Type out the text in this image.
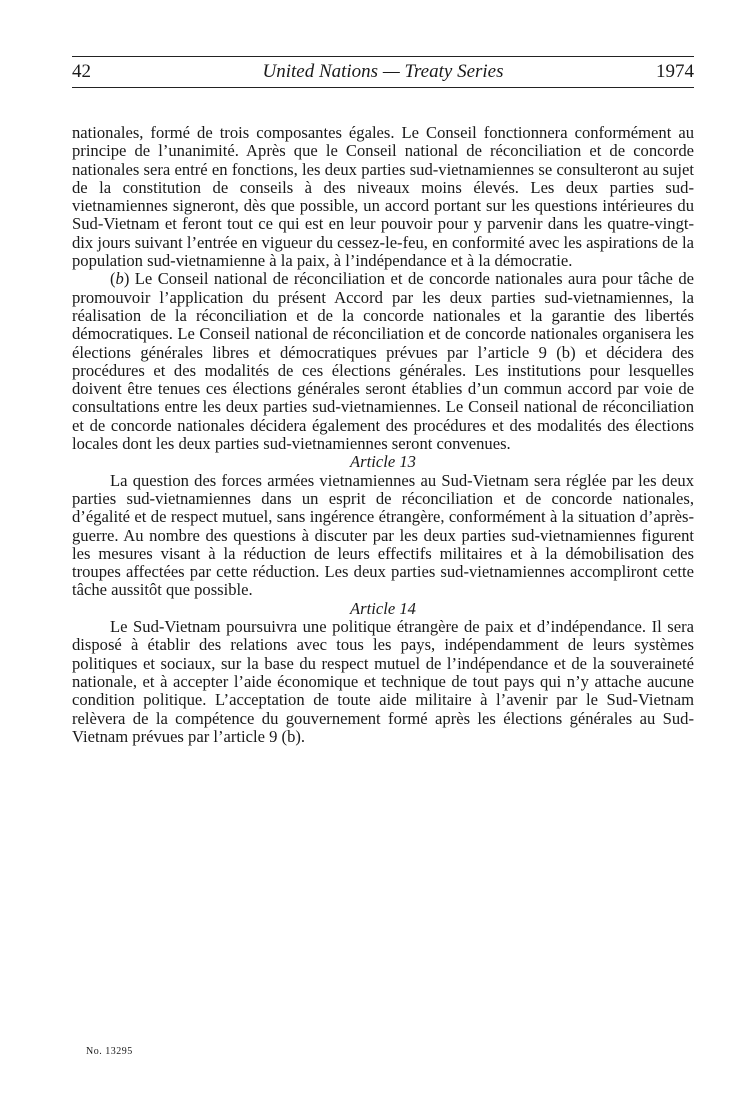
42	United Nations — Treaty Series	1974

nationales, formé de trois composantes égales. Le Conseil fonctionnera conformément au principe de l’unanimité. Après que le Conseil national de réconciliation et de concorde nationales sera entré en fonctions, les deux parties sud-vietnamiennes se consulteront au sujet de la constitution de conseils à des niveaux moins élevés. Les deux parties sud-vietnamiennes signeront, dès que possible, un accord portant sur les questions intérieures du Sud-Vietnam et feront tout ce qui est en leur pouvoir pour y parvenir dans les quatre-vingt-dix jours suivant l’entrée en vigueur du cessez-le-feu, en conformité avec les aspirations de la population sud-vietnamienne à la paix, à l’indépendance et à la démocratie.

(b) Le Conseil national de réconciliation et de concorde nationales aura pour tâche de promouvoir l’application du présent Accord par les deux parties sud-vietnamiennes, la réalisation de la réconciliation et de la concorde nationales et la garantie des libertés démocratiques. Le Conseil national de réconciliation et de concorde nationales organisera les élections générales libres et démocratiques prévues par l’article 9 (b) et décidera des procédures et des modalités de ces élections générales. Les institutions pour lesquelles doivent être tenues ces élections générales seront établies d’un commun accord par voie de consultations entre les deux parties sud-vietnamiennes. Le Conseil national de réconciliation et de concorde nationales décidera également des procédures et des modalités des élections locales dont les deux parties sud-vietnamiennes seront convenues.

Article 13

La question des forces armées vietnamiennes au Sud-Vietnam sera réglée par les deux parties sud-vietnamiennes dans un esprit de réconciliation et de concorde nationales, d’égalité et de respect mutuel, sans ingérence étrangère, conformément à la situation d’après-guerre. Au nombre des questions à discuter par les deux parties sud-vietnamiennes figurent les mesures visant à la réduction de leurs effectifs militaires et à la démobilisation des troupes affectées par cette réduction. Les deux parties sud-vietnamiennes accompliront cette tâche aussitôt que possible.

Article 14

Le Sud-Vietnam poursuivra une politique étrangère de paix et d’indépendance. Il sera disposé à établir des relations avec tous les pays, indépendamment de leurs systèmes politiques et sociaux, sur la base du respect mutuel de l’indépendance et de la souveraineté nationale, et à accepter l’aide économique et technique de tout pays qui n’y attache aucune condition politique. L’acceptation de toute aide militaire à l’avenir par le Sud-Vietnam relèvera de la compétence du gouvernement formé après les élections générales au Sud-Vietnam prévues par l’article 9 (b).

No. 13295
